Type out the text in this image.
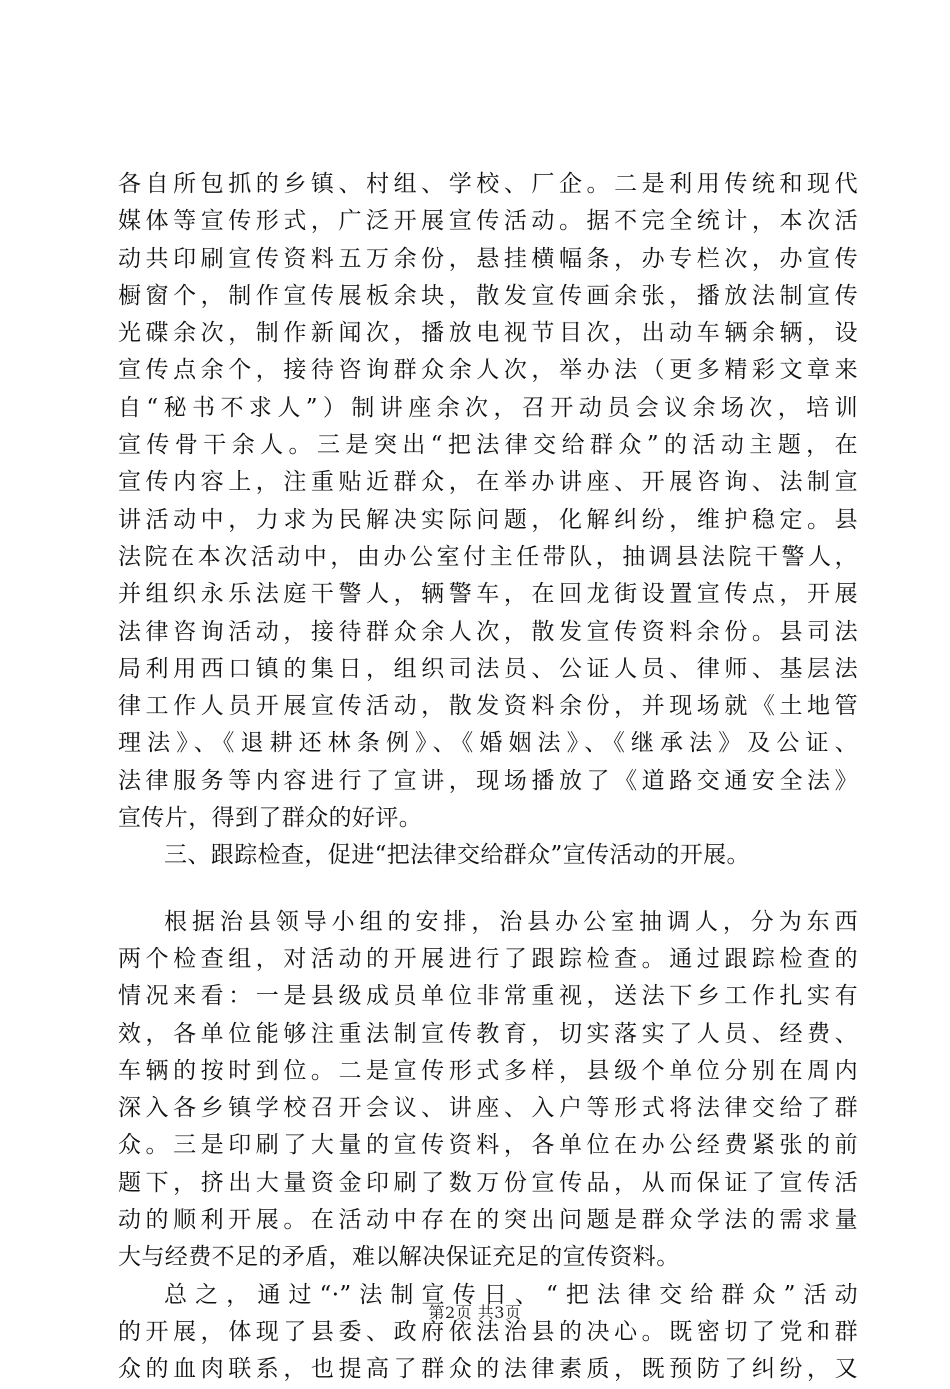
各自所包抓的乡镇、村组、学校、厂企。二是利用传统和现代
媒体等宣传形式，广泛开展宣传活动。据不完全统计，本次活
动共印刷宣传资料五万余份，悬挂横幅条，办专栏次，办宣传
橱窗个，制作宣传展板余块，散发宣传画余张，播放法制宣传
光碟余次，制作新闻次，播放电视节目次，出动车辆余辆，设
宣传点余个，接待咨询群众余人次，举办法（更多精彩文章来
自“秘书不求人”）制讲座余次，召开动员会议余场次，培训
宣传骨干余人。三是突出“把法律交给群众”的活动主题，在
宣传内容上，注重贴近群众，在举办讲座、开展咨询、法制宣
讲活动中，力求为民解决实际问题，化解纠纷，维护稳定。县
法院在本次活动中，由办公室付主任带队，抽调县法院干警人，
并组织永乐法庭干警人，辆警车，在回龙街设置宣传点，开展
法律咨询活动，接待群众余人次，散发宣传资料余份。县司法
局利用西口镇的集日，组织司法员、公证人员、律师、基层法
律工作人员开展宣传活动，散发资料余份，并现场就《土地管
理法》、《退耕还林条例》、《婚姻法》、《继承法》及公证、
法律服务等内容进行了宣讲，现场播放了《道路交通安全法》
宣传片，得到了群众的好评。
三、跟踪检查，促进“把法律交给群众”宣传活动的开展。
根据治县领导小组的安排，治县办公室抽调人，分为东西
两个检查组，对活动的开展进行了跟踪检查。通过跟踪检查的
情况来看：一是县级成员单位非常重视，送法下乡工作扎实有
效，各单位能够注重法制宣传教育，切实落实了人员、经费、
车辆的按时到位。二是宣传形式多样，县级个单位分别在周内
深入各乡镇学校召开会议、讲座、入户等形式将法律交给了群
众。三是印刷了大量的宣传资料，各单位在办公经费紧张的前
题下，挤出大量资金印刷了数万份宣传品，从而保证了宣传活
动的顺利开展。在活动中存在的突出问题是群众学法的需求量
大与经费不足的矛盾，难以解决保证充足的宣传资料。
总之，通过“·”法制宣传日、“把法律交给群众”活动
的开展，体现了县委、政府依法治县的决心。既密切了党和群
众的血肉联系，也提高了群众的法律素质，既预防了纠纷，又
第2页 共3页
